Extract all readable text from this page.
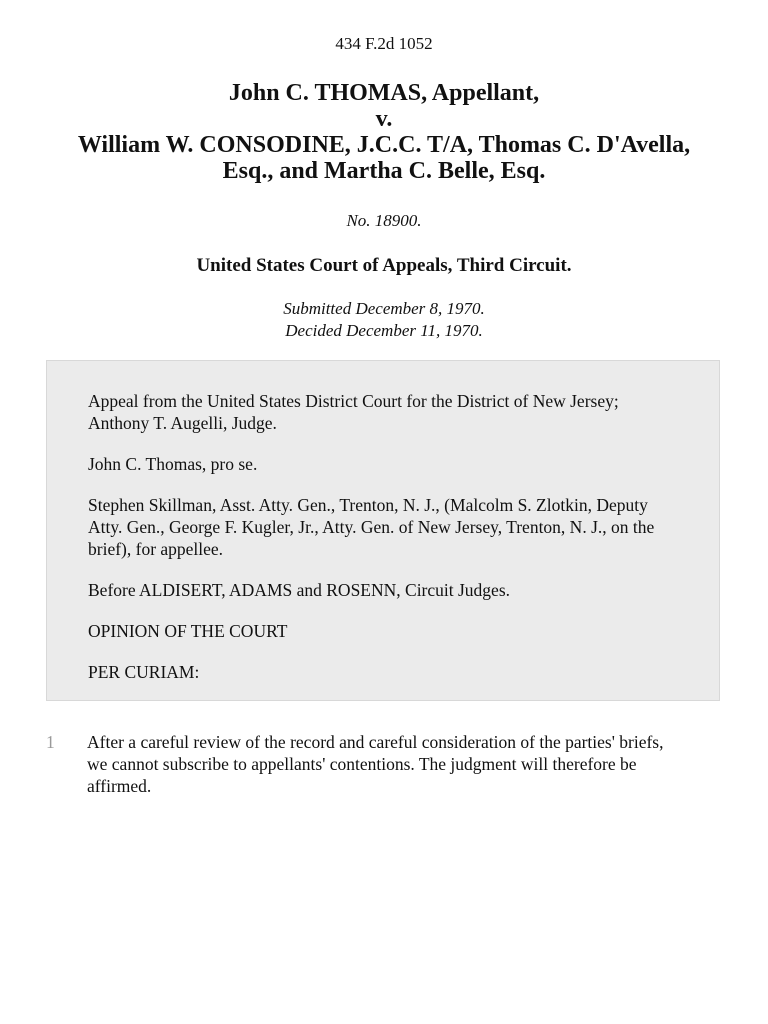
434 F.2d 1052
John C. THOMAS, Appellant,
v.
William W. CONSODINE, J.C.C. T/A, Thomas C. D'Avella,
Esq., and Martha C. Belle, Esq.
No. 18900.
United States Court of Appeals, Third Circuit.
Submitted December 8, 1970.
Decided December 11, 1970.

Appeal from the United States District Court for the District of New Jersey; Anthony T. Augelli, Judge.

John C. Thomas, pro se.

Stephen Skillman, Asst. Atty. Gen., Trenton, N. J., (Malcolm S. Zlotkin, Deputy Atty. Gen., George F. Kugler, Jr., Atty. Gen. of New Jersey, Trenton, N. J., on the brief), for appellee.

Before ALDISERT, ADAMS and ROSENN, Circuit Judges.

OPINION OF THE COURT

PER CURIAM:

1 After a careful review of the record and careful consideration of the parties' briefs, we cannot subscribe to appellants' contentions. The judgment will therefore be affirmed.
